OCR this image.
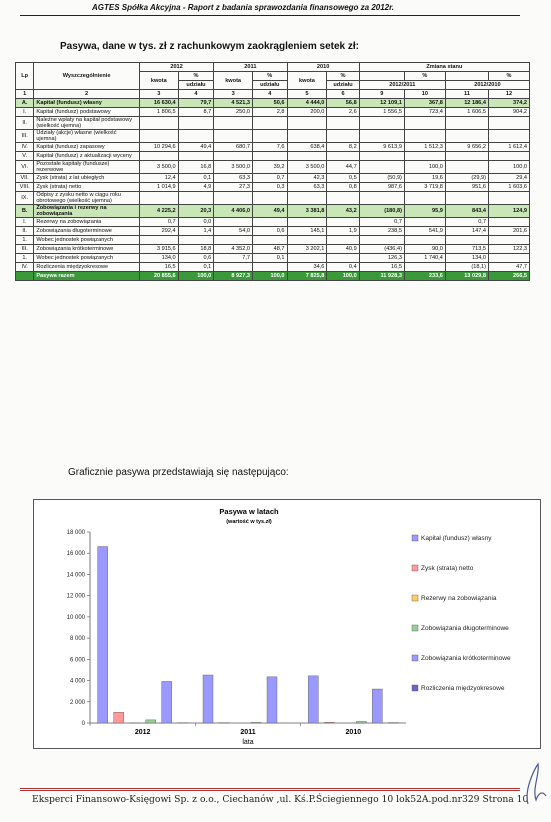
AGTES Spółka Akcyjna - Raport z badania sprawozdania finansowego za 2012r.
Pasywa, dane w tys. zł z rachunkowym zaokrągleniem setek zł:
Lp	Wyszczególnienie	2012		2011		2010		Zmiana stanu			
		kwota	%	kwota	%	kwota	%		%		%
			udziału		udziału		udziału	2012/2011		2012/2010	
1	2	3	4	3	4	5	6	9	10	11	12
A.	Kapitał (fundusz) własny	16 630,4	79,7	4 521,3	50,6	4 444,0	56,8	12 109,1	367,8	12 186,4	374,2
I.	Kapitał (fundusz) podstawowy	1 806,5	8,7	250,0	2,8	200,0	2,6	1 556,5	723,4	1 606,5	904,2
II.	Należne wpłaty na kapitał podstawowy (wielkość ujemna)										
III.	Udziały (akcje) własne (wielkość ujemna)										
IV.	Kapitał (fundusz) zapasowy	10 294,6	49,4	680,7	7,6	638,4	8,2	9 613,9	1 512,3	9 656,2	1 612,4
V.	Kapitał (fundusz) z aktualizacji wyceny										
VI.	Pozostałe kapitały (fundusze) rezerwowe	3 500,0	16,8	3 500,0	39,2	3 500,0	44,7		100,0		100,0
VII.	Zysk (strata) z lat ubiegłych	12,4	0,1	63,3	0,7	42,3	0,5	(50,9)	19,6	(29,9)	29,4
VIII.	Zysk (strata) netto	1 014,9	4,9	27,3	0,3	63,3	0,8	987,6	3 719,8	951,6	1 603,6
IX.	Odpisy z zysku netto w ciągu roku obrotowego (wielkość ujemna)										
B.	Zobowiązania i rezerwy na zobowiązania	4 225,2	20,3	4 406,0	49,4	3 381,8	43,2	(180,8)	95,9	843,4	124,9
I.	Rezerwy na zobowiązania	0,7	0,0					0,7		0,7	
II.	Zobowiązania długoterminowe	292,4	1,4	54,0	0,6	145,1	1,9	238,5	541,9	147,4	201,6
1.	Wobec jednostek powiązanych										
III.	Zobowiązania krótkoterminowe	3 915,6	18,8	4 352,0	48,7	3 202,1	40,9	(436,4)	90,0	713,5	122,3
1.	Wobec jednostek powiązanych	134,0	0,6	7,7	0,1			126,3	1 740,4	134,0	
IV.	Rozliczenia międzyokresowe	16,5	0,1			34,6	0,4	16,5		(18,1)	47,7
	Pasywa razem	20 855,6	100,0	8 927,3	100,0	7 825,8	100,0	11 928,3	233,6	13 029,8	266,5
Graficznie pasywa przedstawiają się następująco:
Pasywa w latach
(wartość w tys.zł)
0
2 000
4 000
6 000
8 000
10 000
12 000
14 000
16 000
18 000
2012	2011	2010
lata
Kapitał (fundusz) własny
Zysk (strata) netto
Rezerwy na zobowiązania
Zobowiązania długoterminowe
Zobowiązania krótkoterminowe
Rozliczenia międzyokresowe
Eksperci Finansowo-Księgowi Sp. z o.o., Ciechanów ,ul. Kś.P.Ściegiennego 10 lok52A.pod.nr329 Strona 10
